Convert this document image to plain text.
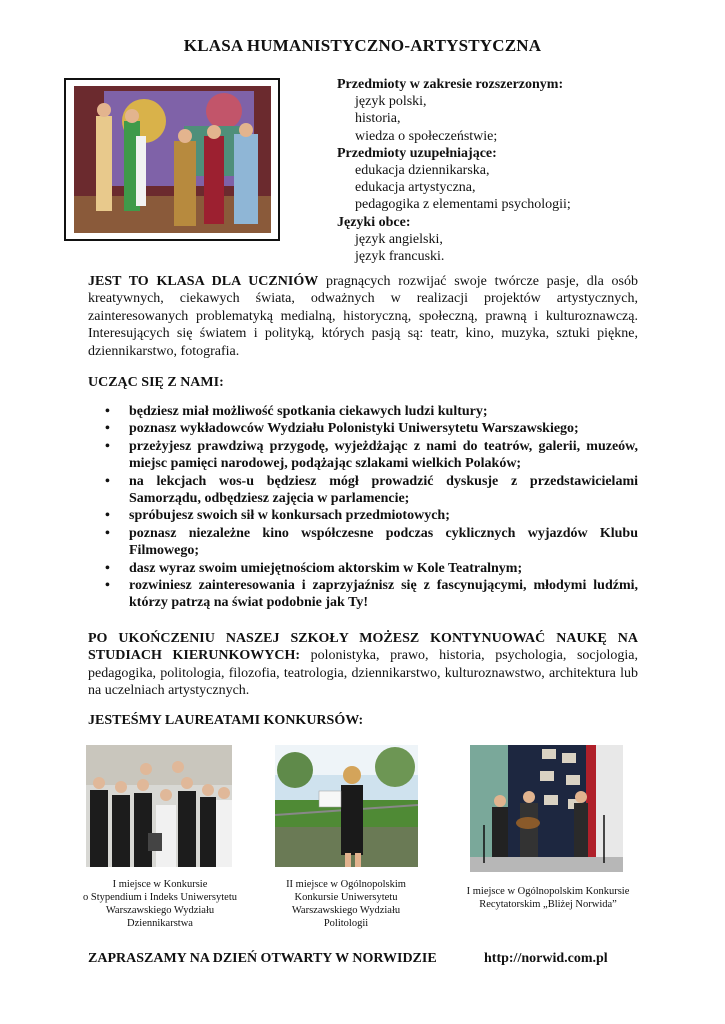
KLASA HUMANISTYCZNO-ARTYSTYCZNA
Przedmioty w zakresie rozszerzonym:
język polski,
historia,
wiedza o społeczeństwie;
Przedmioty uzupełniające:
edukacja dziennikarska,
edukacja artystyczna,
pedagogika z elementami psychologii;
Języki obce:
język angielski,
język francuski.
JEST TO KLASA DLA UCZNIÓW pragnących rozwijać swoje twórcze pasje, dla osób kreatywnych, ciekawych świata, odważnych w realizacji projektów artystycznych, zainteresowanych problematyką medialną, historyczną, społeczną, prawną i kulturoznawczą. Interesujących się światem i polityką, których pasją są: teatr, kino, muzyka, sztuki piękne, dziennikarstwo, fotografia.
UCZĄC SIĘ Z NAMI:
• będziesz miał możliwość spotkania ciekawych ludzi kultury;
• poznasz wykładowców Wydziału Polonistyki Uniwersytetu Warszawskiego;
• przeżyjesz prawdziwą przygodę, wyjeżdżając z nami do teatrów, galerii, muzeów, miejsc pamięci narodowej, podążając szlakami wielkich Polaków;
• na lekcjach wos-u będziesz mógł prowadzić dyskusje z przedstawicielami Samorządu, odbędziesz zajęcia w parlamencie;
• spróbujesz swoich sił w konkursach przedmiotowych;
• poznasz niezależne kino współczesne podczas cyklicznych wyjazdów Klubu Filmowego;
• dasz wyraz swoim umiejętnościom aktorskim w Kole Teatralnym;
• rozwiniesz zainteresowania i zaprzyjaźnisz się z fascynującymi, młodymi ludźmi, którzy patrzą na świat podobnie jak Ty!
PO UKOŃCZENIU NASZEJ SZKOŁY MOŻESZ KONTYNUOWAĆ NAUKĘ NA STUDIACH KIERUNKOWYCH: polonistyka, prawo, historia, psychologia, socjologia, pedagogika, politologia, filozofia, teatrologia, dziennikarstwo, kulturoznawstwo, architektura lub na uczelniach artystycznych.
JESTEŚMY LAUREATAMI KONKURSÓW:
I miejsce w Konkursie
o Stypendium i Indeks Uniwersytetu
Warszawskiego Wydziału
Dziennikarstwa
II miejsce w Ogólnopolskim
Konkursie Uniwersytetu
Warszawskiego Wydziału
Politologii
I miejsce w Ogólnopolskim Konkursie
Recytatorskim „Bliżej Norwida”
ZAPRASZAMY NA DZIEŃ OTWARTY W NORWIDZIE	http://norwid.com.pl
